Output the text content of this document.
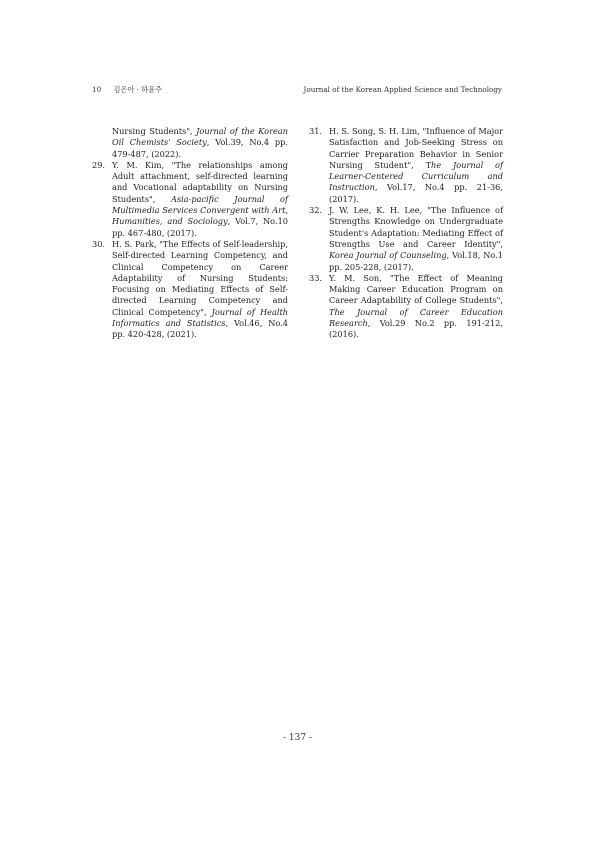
10 김은아 · 하윤주	Journal of the Korean Applied Science and Technology
Nursing Students", Journal of the Korean Oil Chemists' Society, Vol.39, No.4 pp. 479-487, (2022).
29. Y. M. Kim, "The relationships among Adult attachment, self-directed learning and Vocational adaptability on Nursing Students", Asia-pacific Journal of Multimedia Services Convergent with Art, Humanities, and Sociology, Vol.7, No.10 pp. 467-480, (2017).
30. H. S. Park, "The Effects of Self-leadership, Self-directed Learning Competency, and Clinical Competency on Career Adaptability of Nursing Students: Focusing on Mediating Effects of Self-directed Learning Competency and Clinical Competency", Journal of Health Informatics and Statistics, Vol.46, No.4 pp. 420-428, (2021).
31. H. S. Song, S. H. Lim, "Influence of Major Satisfaction and Job-Seeking Stress on Carrier Preparation Behavior in Senior Nursing Student", The Journal of Learner-Centered Curriculum and Instruction, Vol.17, No.4 pp. 21-36, (2017).
32. J. W. Lee, K. H. Lee, "The Influence of Strengths Knowledge on Undergraduate Student's Adaptation: Mediating Effect of Strengths Use and Career Identity", Korea Journal of Counseling, Vol.18, No.1 pp. 205-228, (2017).
33. Y. M. Son, "The Effect of Meaning Making Career Education Program on Career Adaptability of College Students", The Journal of Career Education Research, Vol.29 No.2 pp. 191-212, (2016).
- 137 -
